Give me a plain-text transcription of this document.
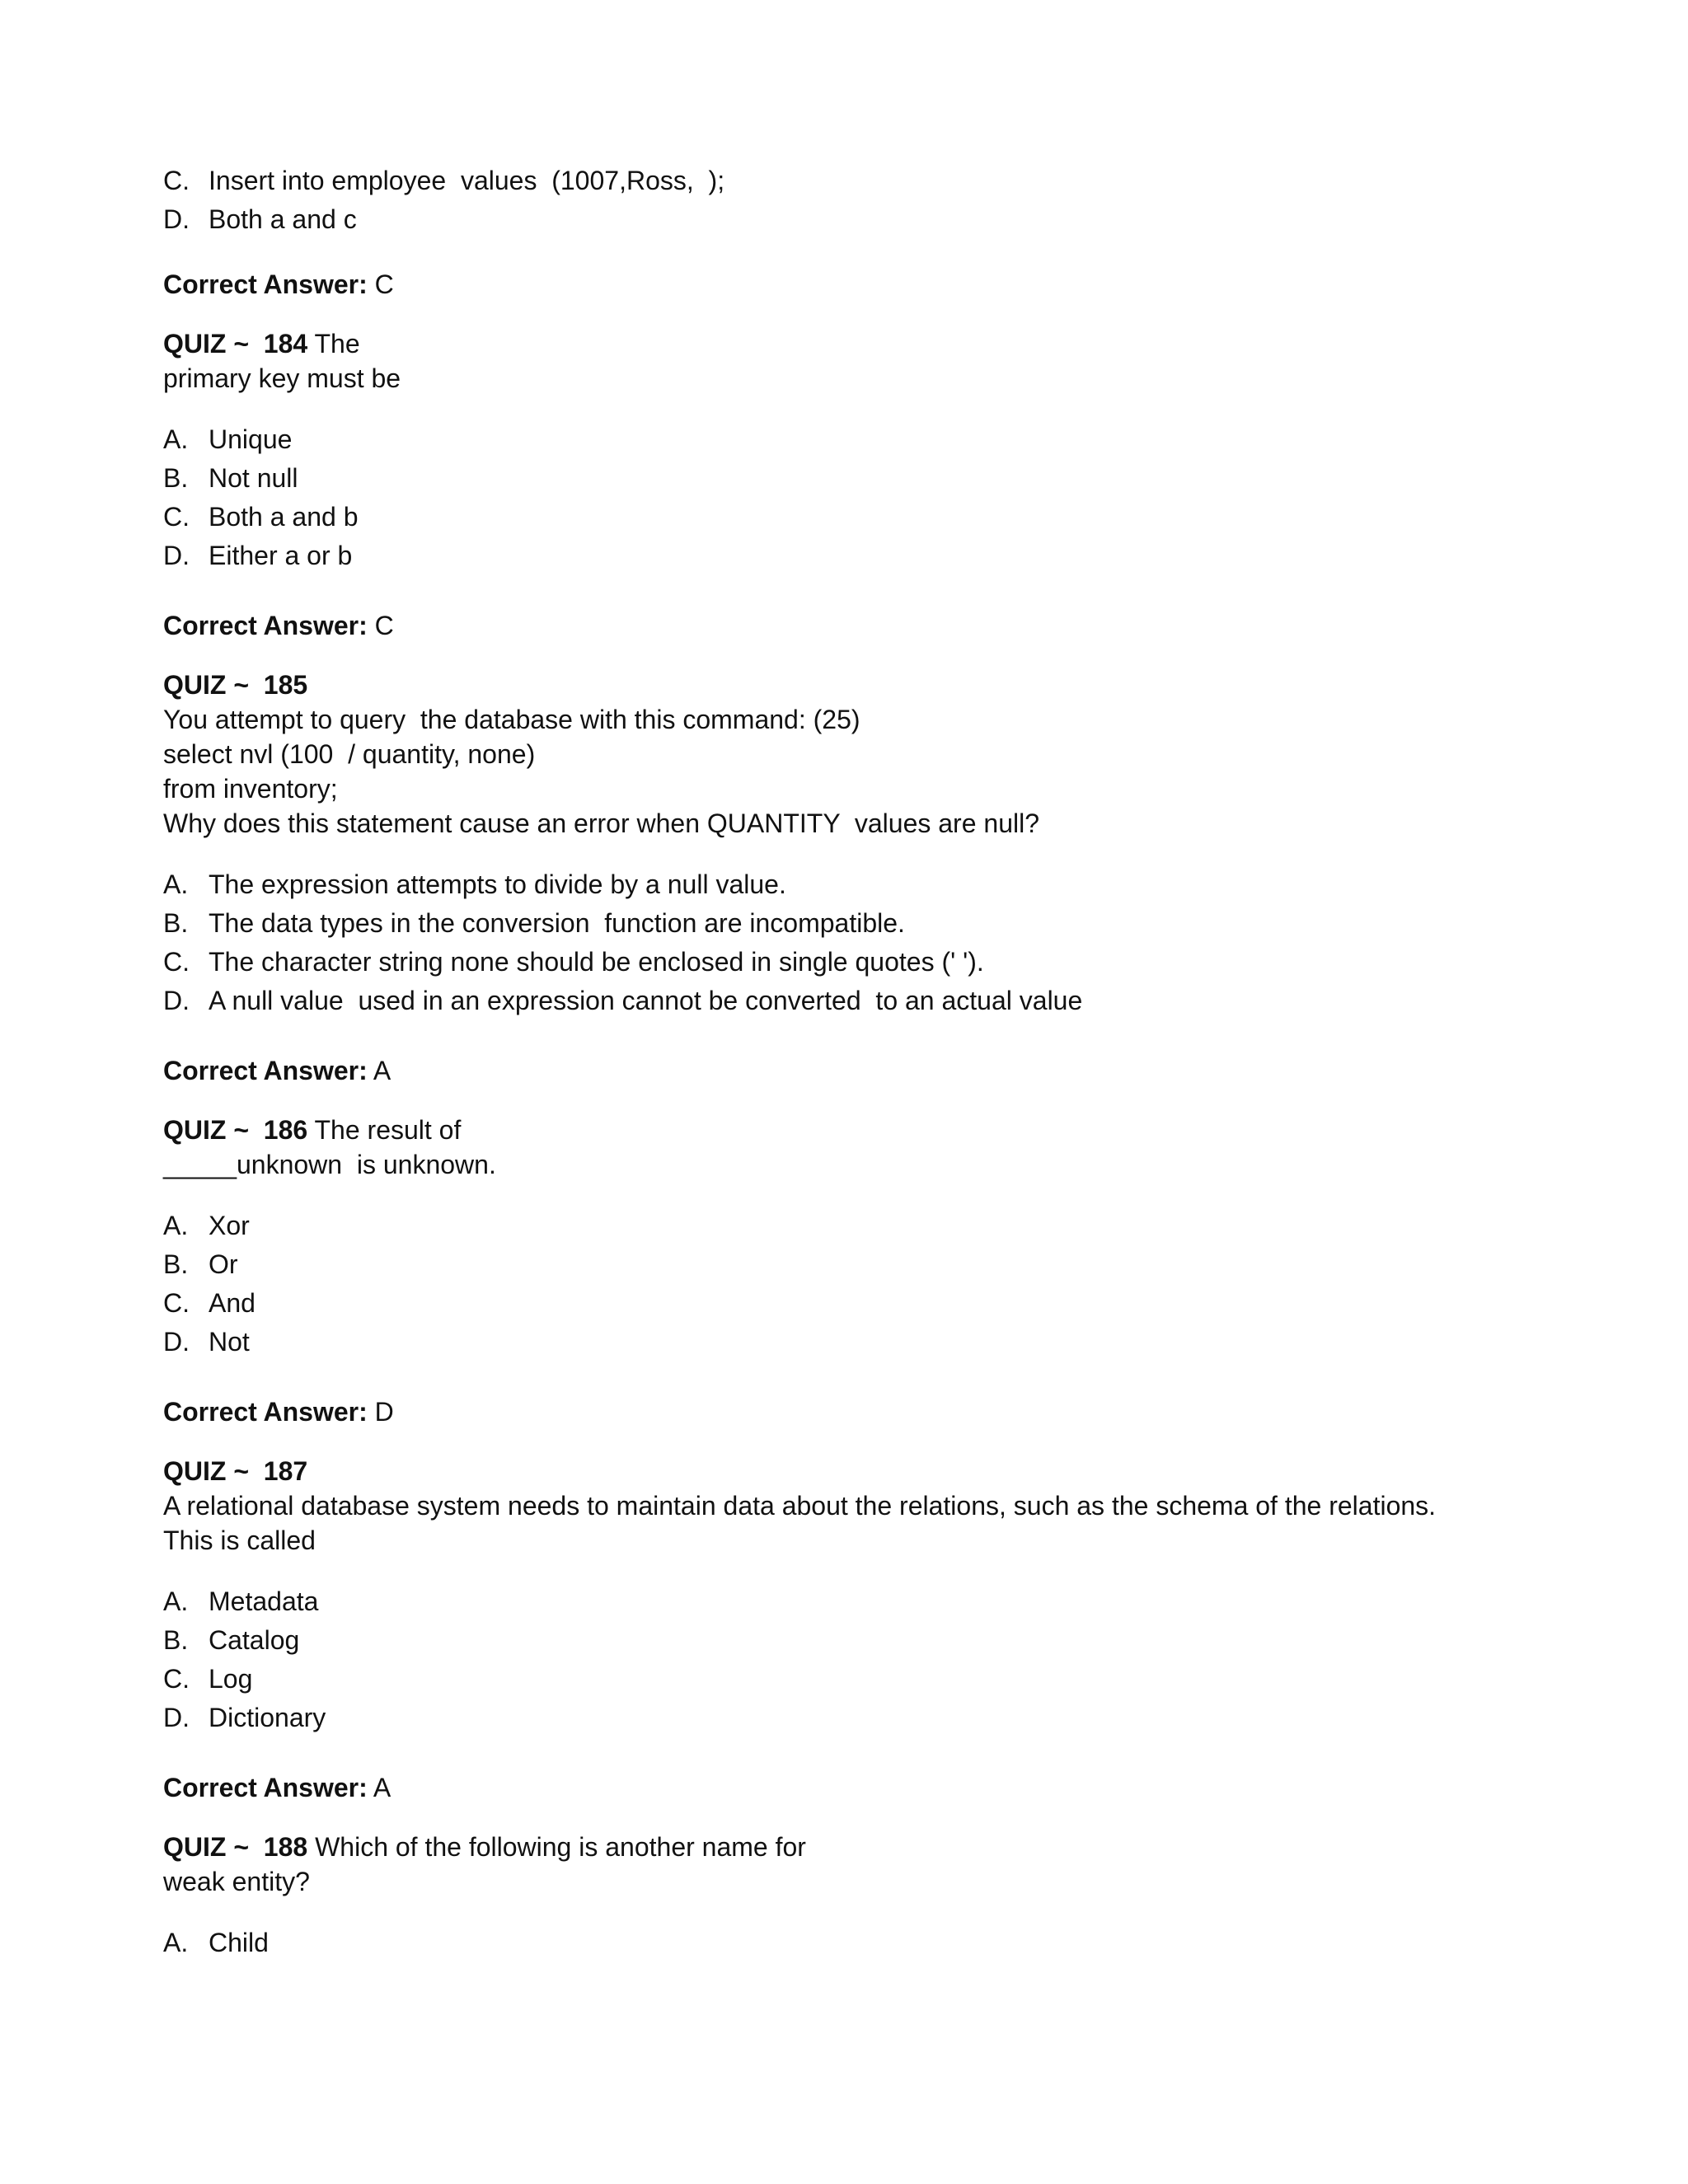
C. Insert into employee  values  (1007,Ross,  );
D. Both a and c
Correct Answer: C
QUIZ ~  184 The
primary key must be
A. Unique
B. Not null
C. Both a and b
D. Either a or b
Correct Answer: C
QUIZ ~  185
You attempt to query  the database with this command: (25)
select nvl (100  / quantity, none)
from inventory;
Why does this statement cause an error when QUANTITY  values are null?
A. The expression attempts to divide by a null value.
B. The data types in the conversion  function are incompatible.
C. The character string none should be enclosed in single quotes (' ').
D. A null value  used in an expression cannot be converted  to an actual value
Correct Answer: A
QUIZ ~  186 The result of
_____unknown  is unknown.
A. Xor
B. Or
C. And
D. Not
Correct Answer: D
QUIZ ~  187
A relational database system needs to maintain data about the relations, such as the schema of the relations.
This is called
A. Metadata
B. Catalog
C. Log
D. Dictionary
Correct Answer: A
QUIZ ~  188 Which of the following is another name for
weak entity?
A. Child
